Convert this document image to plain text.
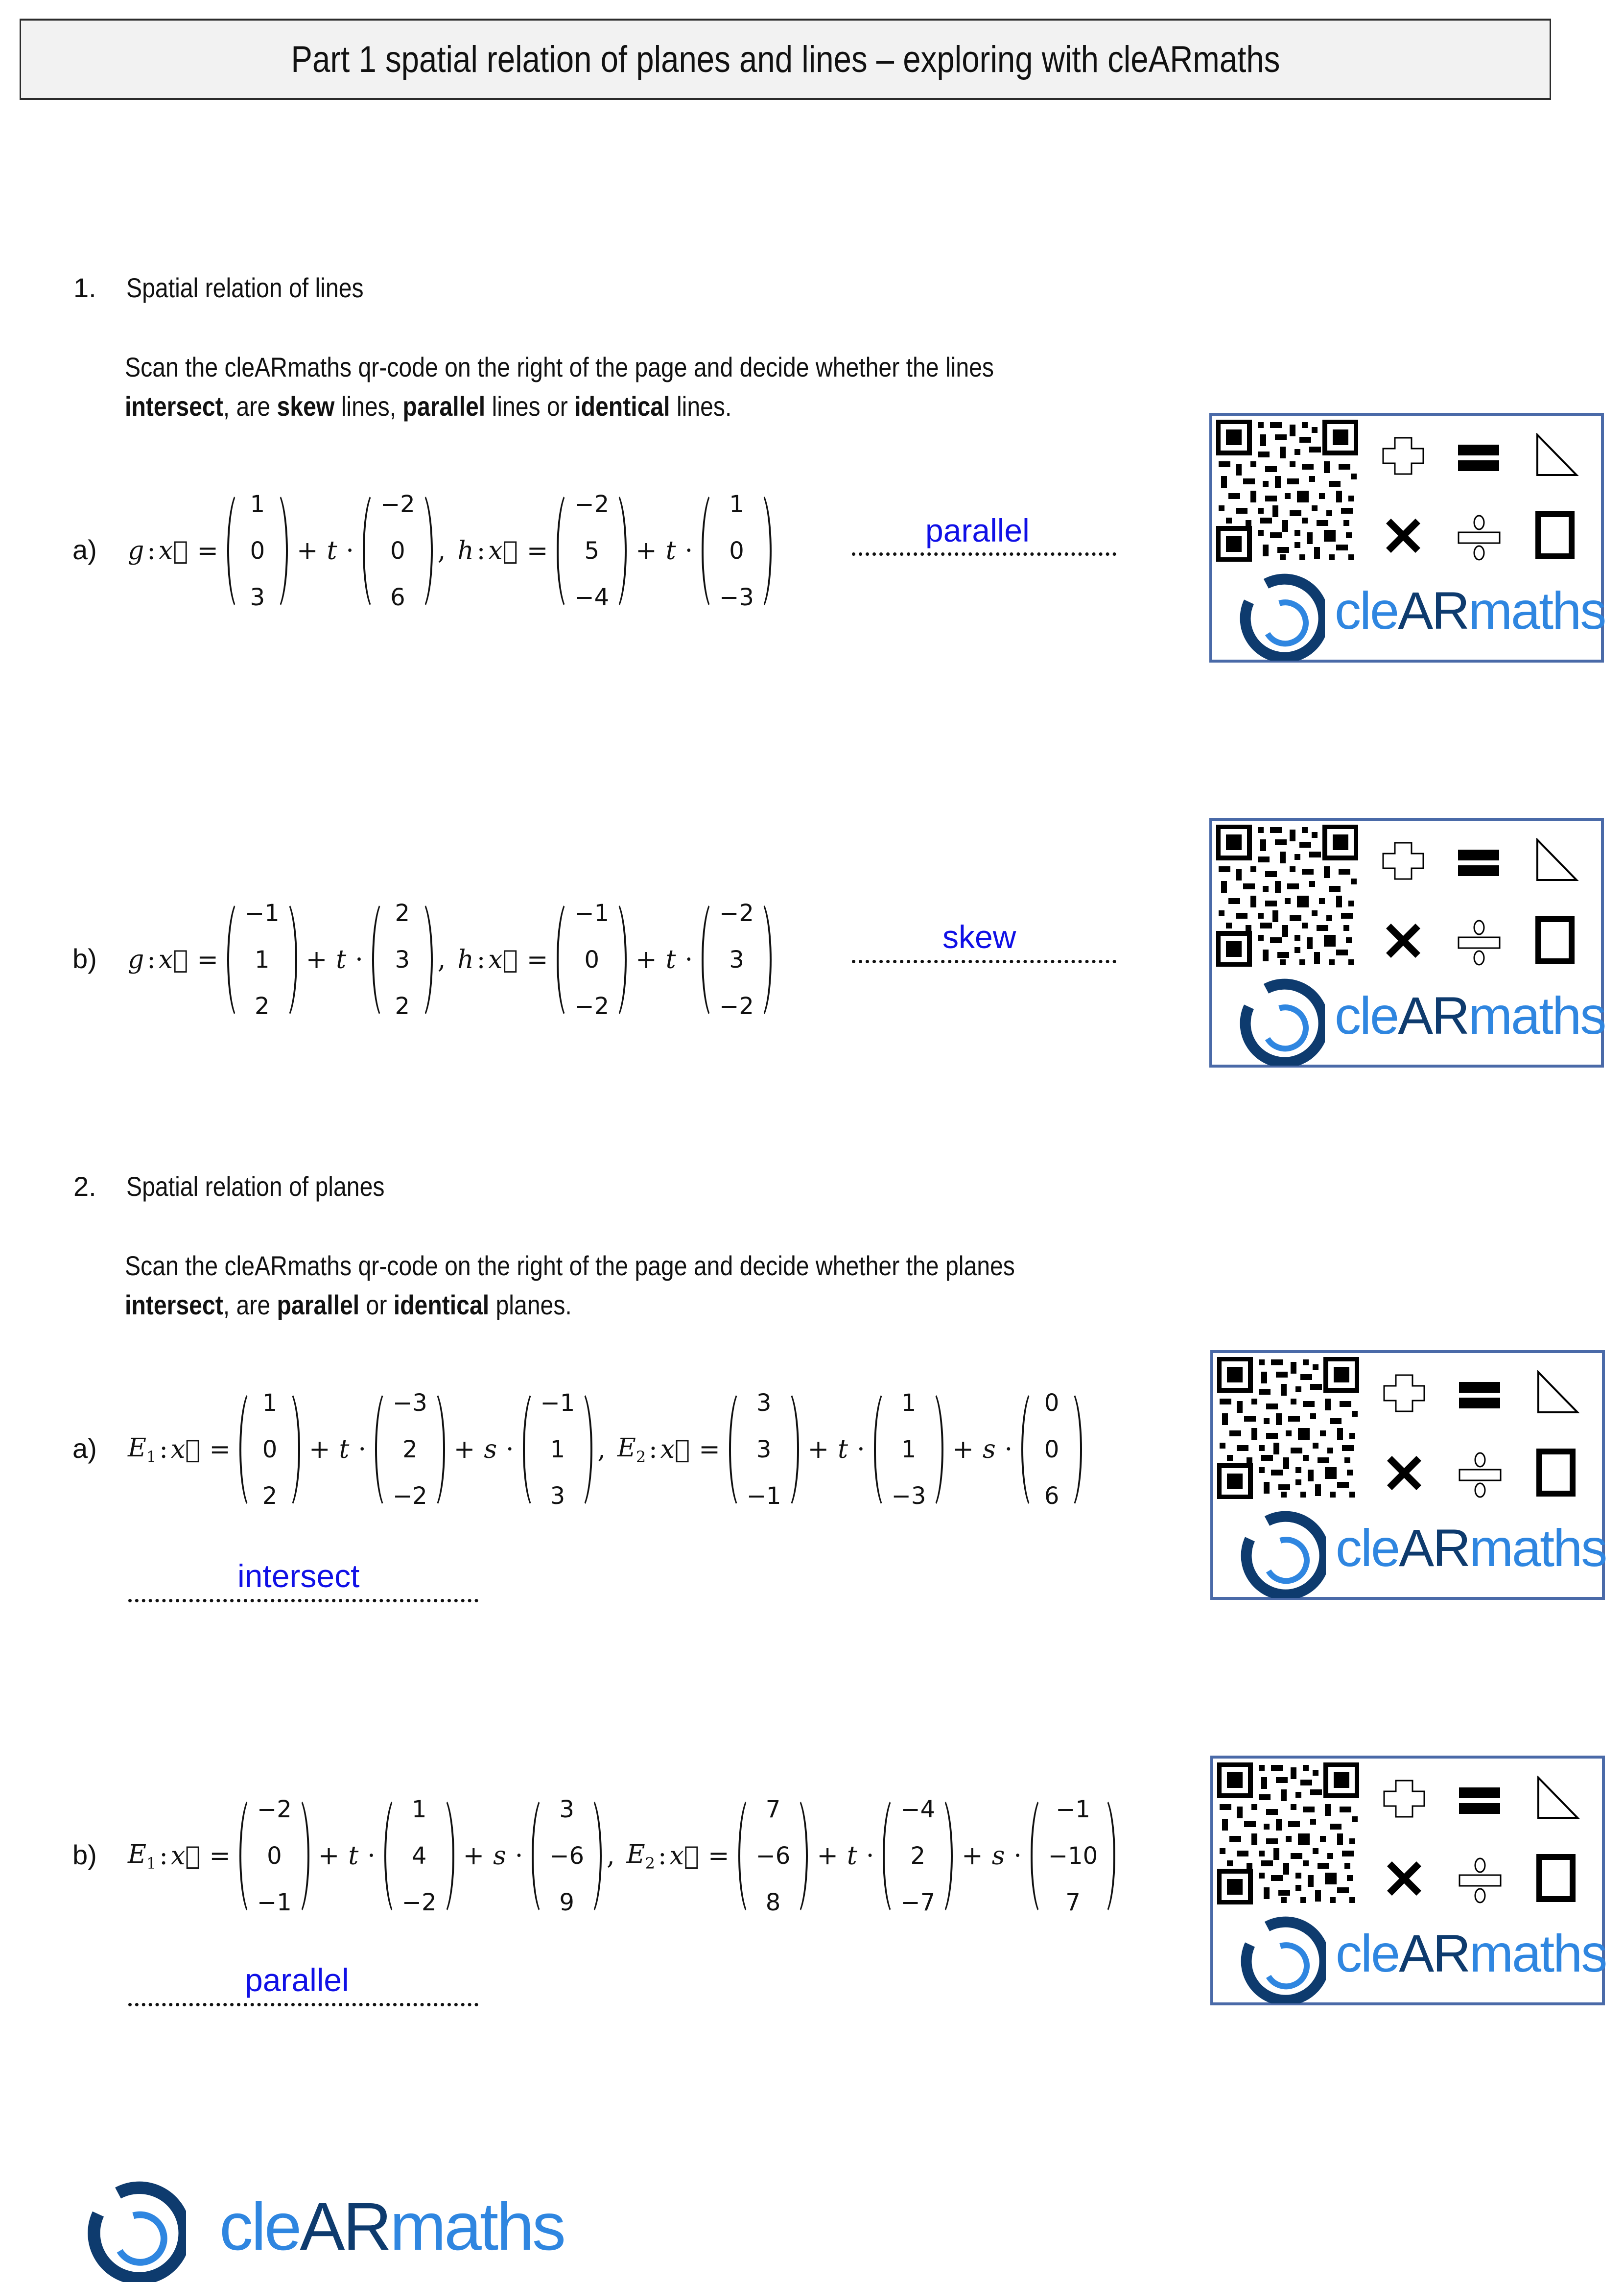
Part 1 spatial relation of planes and lines – exploring with cleARmaths
1. Spatial relation of lines
Scan the cleARmaths qr-code on the right of the page and decide whether the lines
intersect, are skew lines, parallel lines or identical lines.
a) g : x⃗ =
1
0
3
+ t ·
−2
0
6
, h : x⃗ =
−2
5
−4
+ t ·
1
0
−3
parallel
b) g : x⃗ =
−1
1
2
+ t ·
2
3
2
, h : x⃗ =
−1
0
−2
+ t ·
−2
3
−2
skew
2. Spatial relation of planes
Scan the cleARmaths qr-code on the right of the page and decide whether the planes
intersect, are parallel or identical planes.
a) $E_1$ : x⃗ =
1
0
2
+ t ·
−3
2
−2
+ s ·
−1
1
3
, $E_2$ : x⃗ =
3
3
−1
+ t ·
1
1
−3
+ s ·
0
0
6
intersect
b) $E_1$ : x⃗ =
−2
0
−1
+ t ·
1
4
−2
+ s ·
3
−6
9
, $E_2$ : x⃗ =
7
−6
8
+ t ·
−4
2
−7
+ s ·
−1
−10
7
parallel
cleARmaths
cleARmaths
cleARmaths
cleARmaths
cleARmaths
